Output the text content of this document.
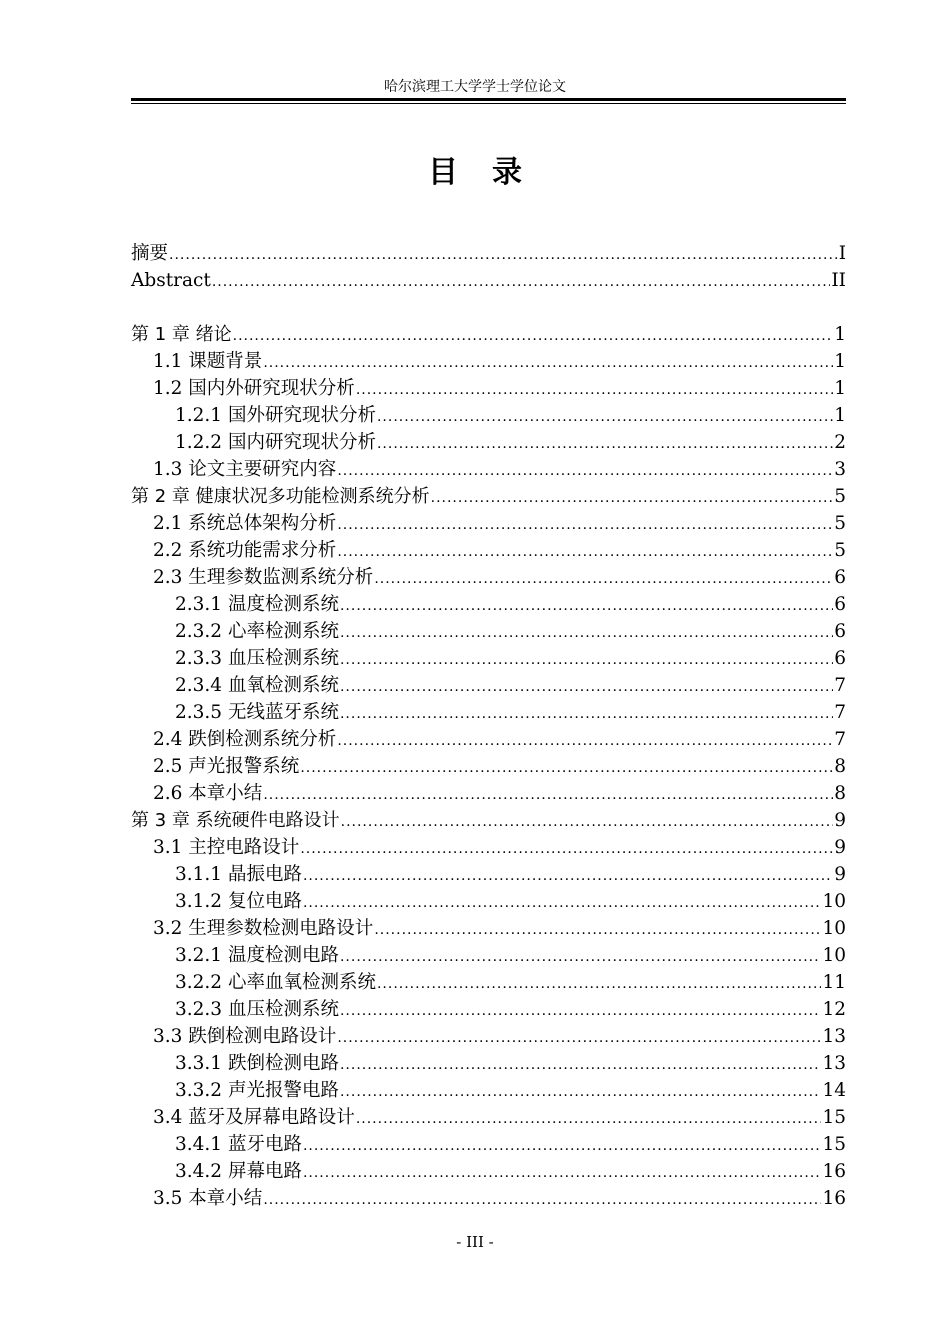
哈尔滨理工大学学士学位论文
目录
摘要 .....	I
Abstract .....	II
第 1 章 绪论 .....	1
1.1 课题背景 .....	1
1.2 国内外研究现状分析 .....	1
1.2.1 国外研究现状分析 .....	1
1.2.2 国内研究现状分析 .....	2
1.3 论文主要研究内容 .....	3
第 2 章 健康状况多功能检测系统分析 .....	5
2.1 系统总体架构分析 .....	5
2.2 系统功能需求分析 .....	5
2.3 生理参数监测系统分析 .....	6
2.3.1 温度检测系统 .....	6
2.3.2 心率检测系统 .....	6
2.3.3 血压检测系统 .....	6
2.3.4 血氧检测系统 .....	7
2.3.5 无线蓝牙系统 .....	7
2.4 跌倒检测系统分析 .....	7
2.5 声光报警系统 .....	8
2.6 本章小结 .....	8
第 3 章 系统硬件电路设计 .....	9
3.1 主控电路设计 .....	9
3.1.1 晶振电路 .....	9
3.1.2 复位电路 .....	10
3.2 生理参数检测电路设计 .....	10
3.2.1 温度检测电路 .....	10
3.2.2 心率血氧检测系统 .....	11
3.2.3 血压检测系统 .....	12
3.3 跌倒检测电路设计 .....	13
3.3.1 跌倒检测电路 .....	13
3.3.2 声光报警电路 .....	14
3.4 蓝牙及屏幕电路设计 .....	15
3.4.1 蓝牙电路 .....	15
3.4.2 屏幕电路 .....	16
3.5 本章小结 .....	16
- III -
